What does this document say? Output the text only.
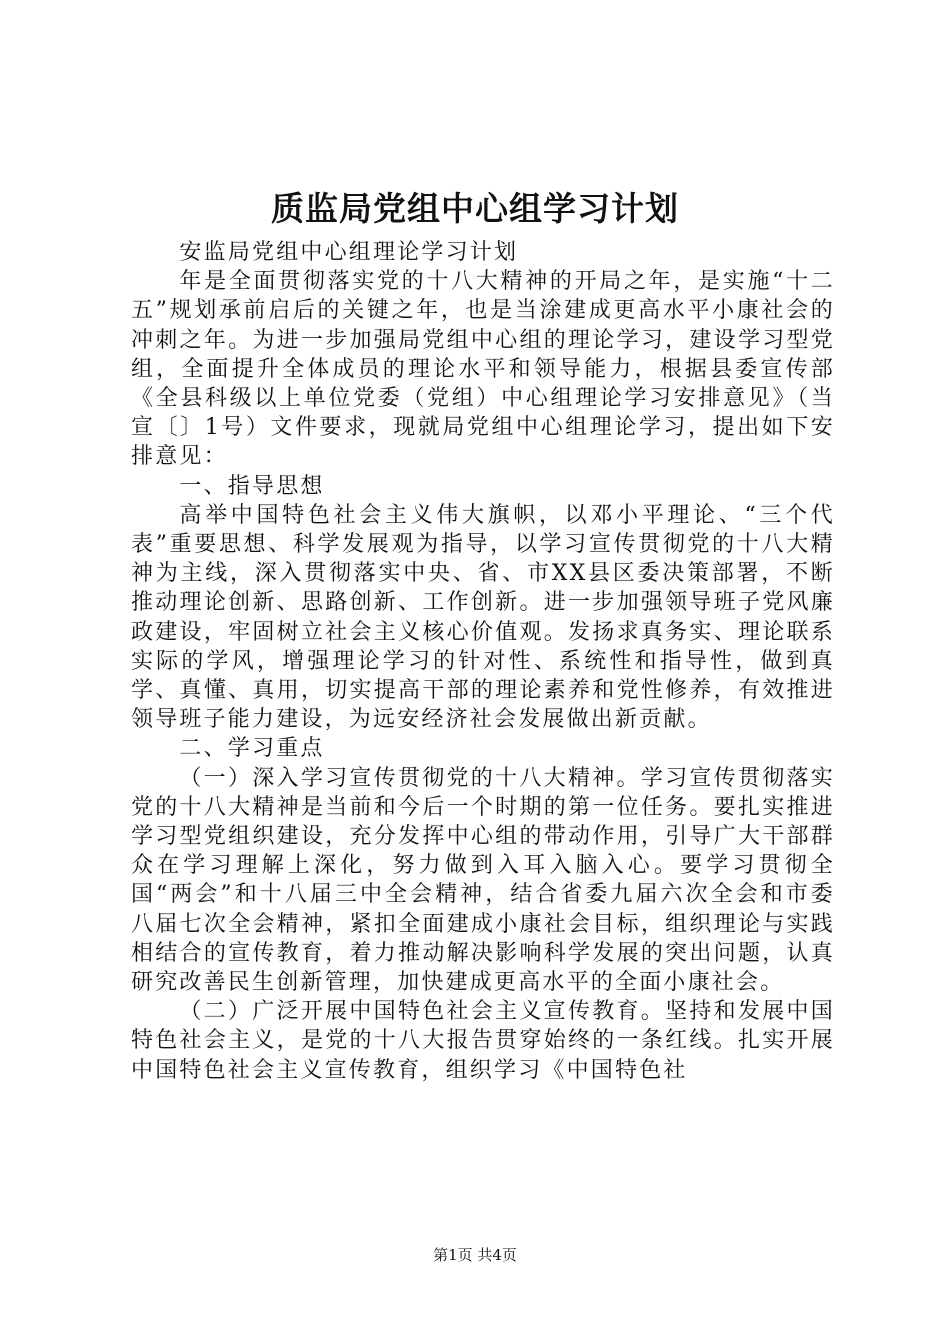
质监局党组中心组学习计划

安监局党组中心组理论学习计划

年是全面贯彻落实党的十八大精神的开局之年，是实施“十二五”规划承前启后的关键之年，也是当涂建成更高水平小康社会的冲刺之年。为进一步加强局党组中心组的理论学习，建设学习型党组，全面提升全体成员的理论水平和领导能力，根据县委宣传部《全县科级以上单位党委（党组）中心组理论学习安排意见》（当宣〔〕1号）文件要求，现就局党组中心组理论学习，提出如下安排意见：

一、指导思想

高举中国特色社会主义伟大旗帜，以邓小平理论、“三个代表”重要思想、科学发展观为指导，以学习宣传贯彻党的十八大精神为主线，深入贯彻落实中央、省、市XX县区委决策部署，不断推动理论创新、思路创新、工作创新。进一步加强领导班子党风廉政建设，牢固树立社会主义核心价值观。发扬求真务实、理论联系实际的学风，增强理论学习的针对性、系统性和指导性，做到真学、真懂、真用，切实提高干部的理论素养和党性修养，有效推进领导班子能力建设，为远安经济社会发展做出新贡献。

二、学习重点

（一）深入学习宣传贯彻党的十八大精神。学习宣传贯彻落实党的十八大精神是当前和今后一个时期的第一位任务。要扎实推进学习型党组织建设，充分发挥中心组的带动作用，引导广大干部群众在学习理解上深化，努力做到入耳入脑入心。要学习贯彻全国“两会”和十八届三中全会精神，结合省委九届六次全会和市委八届七次全会精神，紧扣全面建成小康社会目标，组织理论与实践相结合的宣传教育，着力推动解决影响科学发展的突出问题，认真研究改善民生创新管理，加快建成更高水平的全面小康社会。

（二）广泛开展中国特色社会主义宣传教育。坚持和发展中国特色社会主义，是党的十八大报告贯穿始终的一条红线。扎实开展中国特色社会主义宣传教育，组织学习《中国特色社

第1页 共4页
